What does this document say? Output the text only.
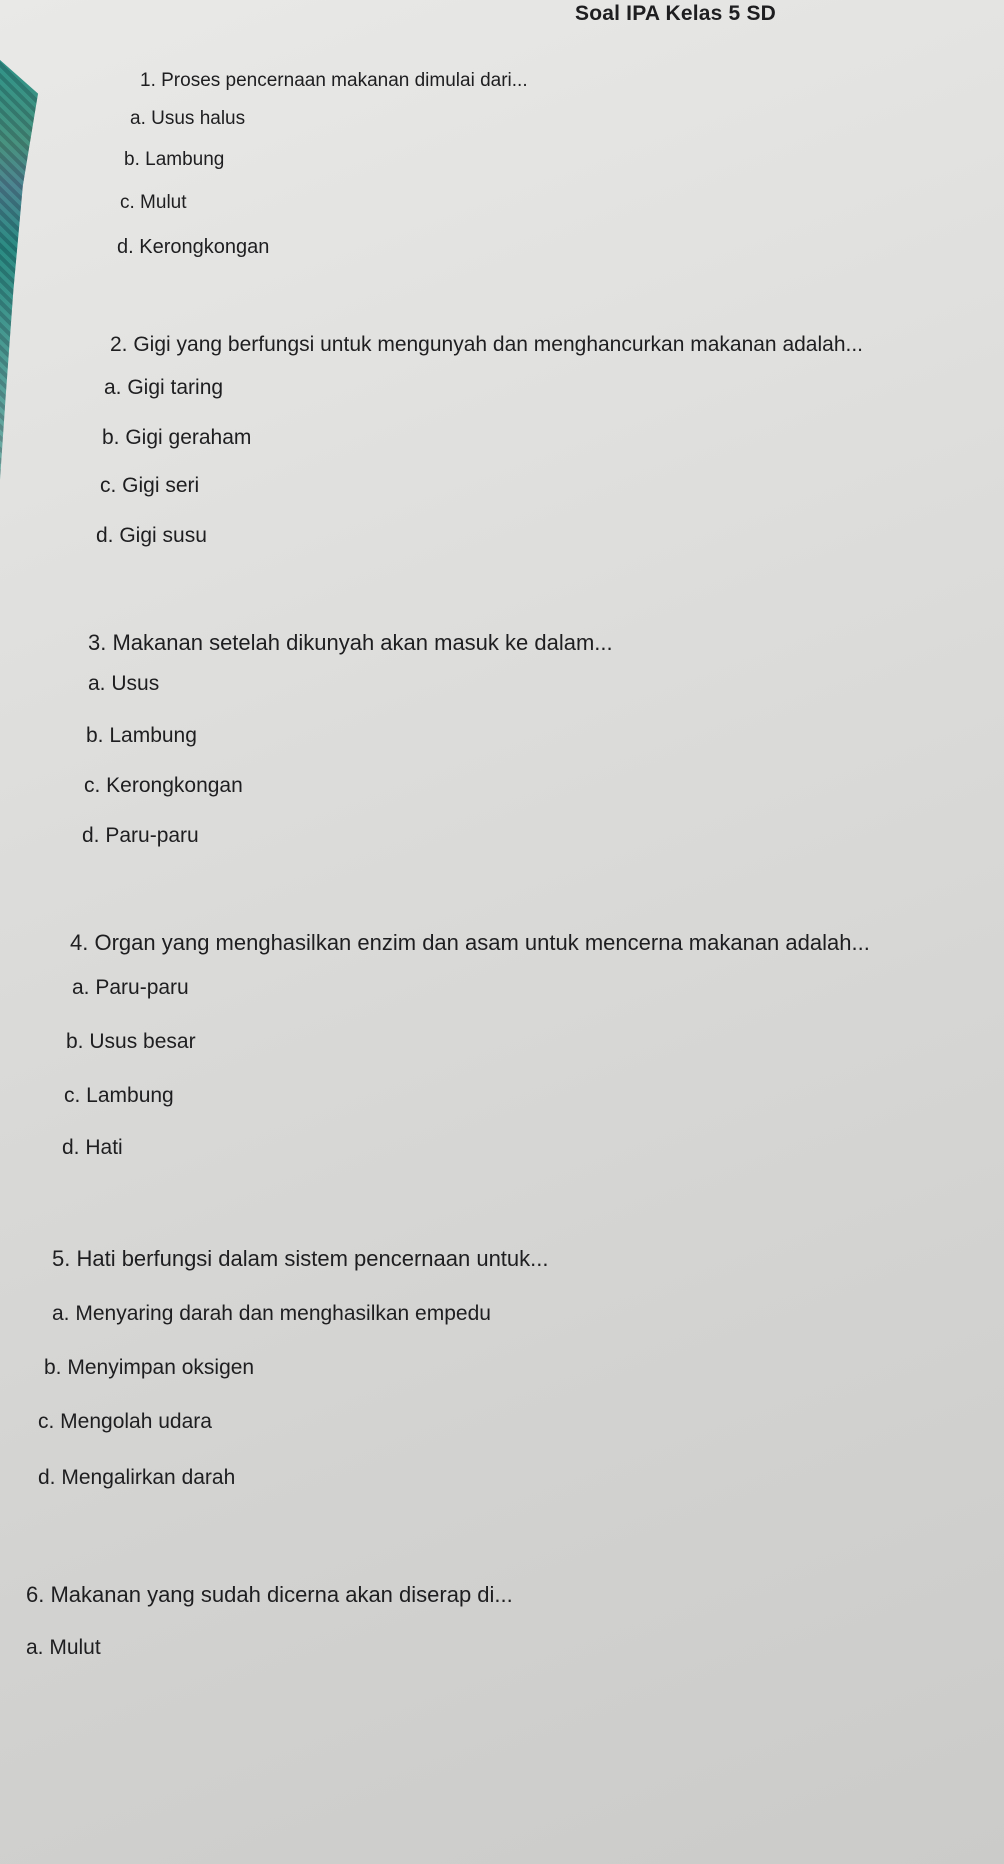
Soal IPA Kelas 5 SD
1. Proses pencernaan makanan dimulai dari...
a. Usus halus
b. Lambung
c. Mulut
d. Kerongkongan
2. Gigi yang berfungsi untuk mengunyah dan menghancurkan makanan adalah...
a. Gigi taring
b. Gigi geraham
c. Gigi seri
d. Gigi susu
3. Makanan setelah dikunyah akan masuk ke dalam...
a. Usus
b. Lambung
c. Kerongkongan
d. Paru-paru
4. Organ yang menghasilkan enzim dan asam untuk mencerna makanan adalah...
a. Paru-paru
b. Usus besar
c. Lambung
d. Hati
5. Hati berfungsi dalam sistem pencernaan untuk...
a. Menyaring darah dan menghasilkan empedu
b. Menyimpan oksigen
c. Mengolah udara
d. Mengalirkan darah
6. Makanan yang sudah dicerna akan diserap di...
a. Mulut
